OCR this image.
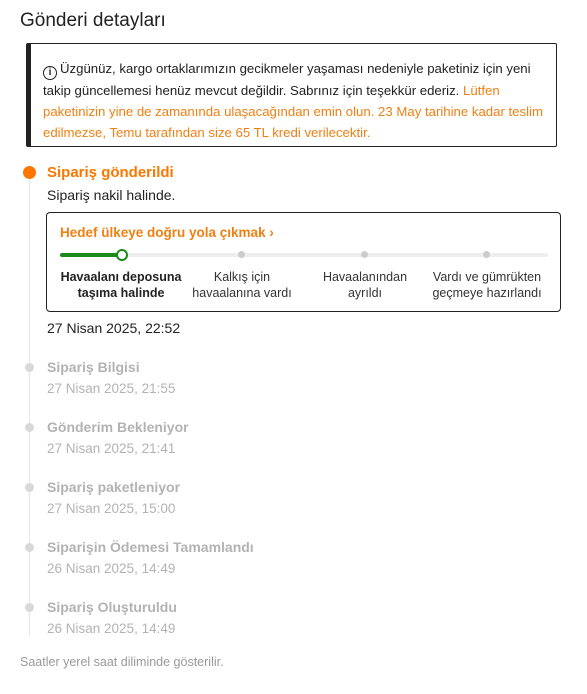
Gönderi detayları
i Üzgünüz, kargo ortaklarımızın gecikmeler yaşaması nedeniyle paketiniz için yeni takip güncellemesi henüz mevcut değildir. Sabrınız için teşekkür ederiz. Lütfen paketinizin yine de zamanında ulaşacağından emin olun. 23 May tarihine kadar teslim edilmezse, Temu tarafından size 65 TL kredi verilecektir.
Sipariş gönderildi
Sipariş nakil halinde.
Hedef ülkeye doğru yola çıkmak ›
Havaalanı deposuna
taşıma halinde
Kalkış için
havaalanına vardı
Havaalanından
ayrıldı
Vardı ve gümrükten
geçmeye hazırlandı
27 Nisan 2025, 22:52
Sipariş Bilgisi
27 Nisan 2025, 21:55
Gönderim Bekleniyor
27 Nisan 2025, 21:41
Sipariş paketleniyor
27 Nisan 2025, 15:00
Siparişin Ödemesi Tamamlandı
26 Nisan 2025, 14:49
Sipariş Oluşturuldu
26 Nisan 2025, 14:49
Saatler yerel saat diliminde gösterilir.
